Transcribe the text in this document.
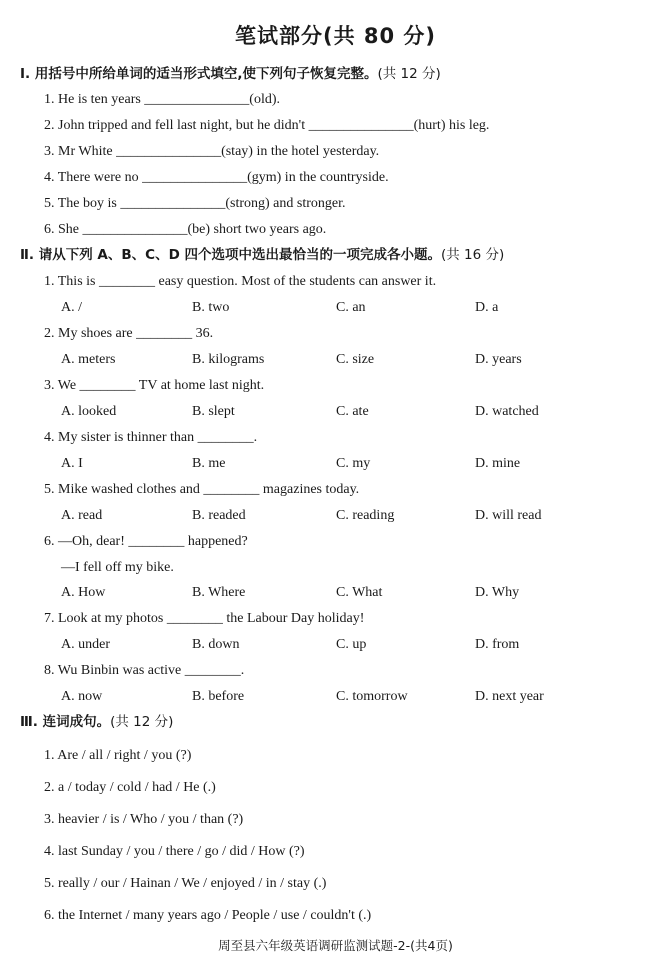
笔试部分(共 80 分)
Ⅰ. 用括号中所给单词的适当形式填空,使下列句子恢复完整。(共 12 分)
1. He is ten years _______________(old).
2. John tripped and fell last night, but he didn't _______________(hurt) his leg.
3. Mr White _______________(stay) in the hotel yesterday.
4. There were no _______________(gym) in the countryside.
5. The boy is _______________(strong) and stronger.
6. She _______________(be) short two years ago.
Ⅱ. 请从下列 A、B、C、D 四个选项中选出最恰当的一项完成各小题。(共 16 分)
1. This is ________ easy question. Most of the students can answer it.
A. /	B. two	C. an	D. a
2. My shoes are ________ 36.
A. meters	B. kilograms	C. size	D. years
3. We ________ TV at home last night.
A. looked	B. slept	C. ate	D. watched
4. My sister is thinner than ________.
A. I	B. me	C. my	D. mine
5. Mike washed clothes and ________ magazines today.
A. read	B. readed	C. reading	D. will read
6. —Oh, dear! ________ happened?
—I fell off my bike.
A. How	B. Where	C. What	D. Why
7. Look at my photos ________ the Labour Day holiday!
A. under	B. down	C. up	D. from
8. Wu Binbin was active ________.
A. now	B. before	C. tomorrow	D. next year
Ⅲ. 连词成句。(共 12 分)
1. Are / all / right / you (?)
2. a / today / cold / had / He (.)
3. heavier / is / Who / you / than (?)
4. last Sunday / you / there / go / did / How (?)
5. really / our / Hainan / We / enjoyed / in / stay (.)
6. the Internet / many years ago / People / use / couldn't (.)
周至县六年级英语调研监测试题-2-(共4页)
